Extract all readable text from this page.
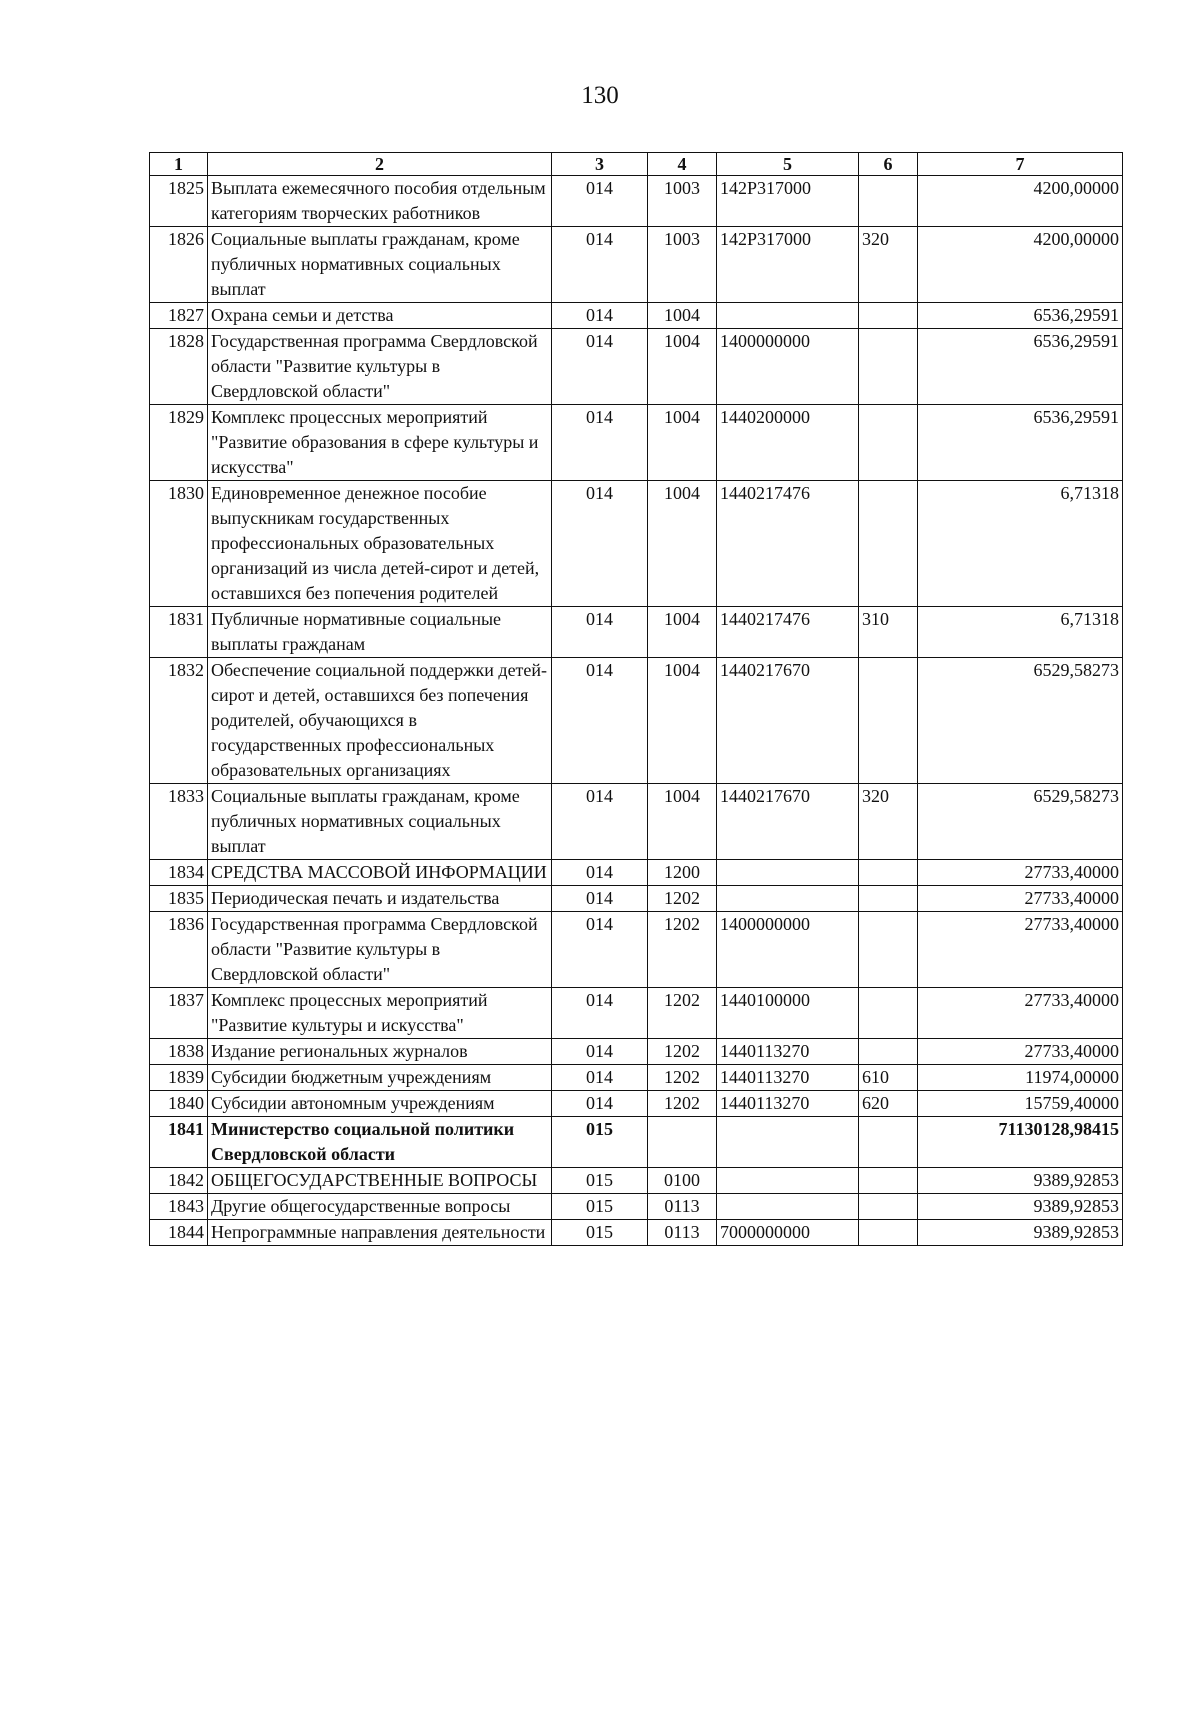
130
1	2	3	4	5	6	7
1825	Выплата ежемесячного пособия отдельным категориям творческих работников	014	1003	142Р317000		4200,00000
1826	Социальные выплаты гражданам, кроме публичных нормативных социальных выплат	014	1003	142Р317000	320	4200,00000
1827	Охрана семьи и детства	014	1004			6536,29591
1828	Государственная программа Свердловской области "Развитие культуры в Свердловской области"	014	1004	1400000000		6536,29591
1829	Комплекс процессных мероприятий "Развитие образования в сфере культуры и искусства"	014	1004	1440200000		6536,29591
1830	Единовременное денежное пособие выпускникам государственных профессиональных образовательных организаций из числа детей-сирот и детей, оставшихся без попечения родителей	014	1004	1440217476		6,71318
1831	Публичные нормативные социальные выплаты гражданам	014	1004	1440217476	310	6,71318
1832	Обеспечение социальной поддержки детей-сирот и детей, оставшихся без попечения родителей, обучающихся в государственных профессиональных образовательных организациях	014	1004	1440217670		6529,58273
1833	Социальные выплаты гражданам, кроме публичных нормативных социальных выплат	014	1004	1440217670	320	6529,58273
1834	СРЕДСТВА МАССОВОЙ ИНФОРМАЦИИ	014	1200			27733,40000
1835	Периодическая печать и издательства	014	1202			27733,40000
1836	Государственная программа Свердловской области "Развитие культуры в Свердловской области"	014	1202	1400000000		27733,40000
1837	Комплекс процессных мероприятий "Развитие культуры и искусства"	014	1202	1440100000		27733,40000
1838	Издание региональных журналов	014	1202	1440113270		27733,40000
1839	Субсидии бюджетным учреждениям	014	1202	1440113270	610	11974,00000
1840	Субсидии автономным учреждениям	014	1202	1440113270	620	15759,40000
1841	Министерство социальной политики Свердловской области	015				71130128,98415
1842	ОБЩЕГОСУДАРСТВЕННЫЕ ВОПРОСЫ	015	0100			9389,92853
1843	Другие общегосударственные вопросы	015	0113			9389,92853
1844	Непрограммные направления деятельности	015	0113	7000000000		9389,92853
